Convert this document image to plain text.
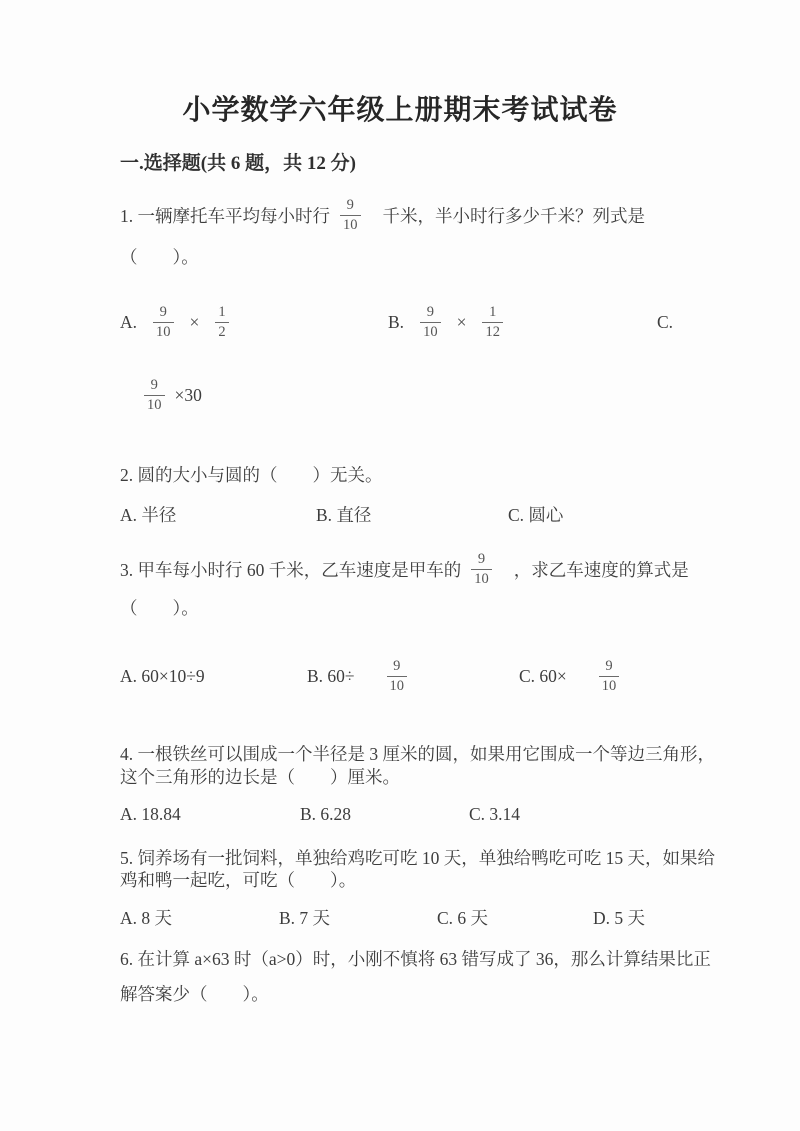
小学数学六年级上册期末考试试卷
一.选择题(共 6 题，共 12 分)
1. 一辆摩托车平均每小时行 $\frac{9}{10}$ 千米，半小时行多少千米？列式是
（　　）。
A. $\frac{9}{10} \times \frac{1}{2}$	B. $\frac{9}{10} \times \frac{1}{12}$	C.
$\frac{9}{10} \times 30$
2. 圆的大小与圆的（　　）无关。
A. 半径	B. 直径	C. 圆心
3. 甲车每小时行 60 千米，乙车速度是甲车的 $\frac{9}{10}$ ，求乙车速度的算式是
（　　）。
A. 60×10÷9	B. $60\div \frac{9}{10}$	C. $60\times \frac{9}{10}$
4. 一根铁丝可以围成一个半径是 3 厘米的圆，如果用它围成一个等边三角形，
这个三角形的边长是（　　）厘米。
A. 18.84	B. 6.28	C. 3.14
5. 饲养场有一批饲料，单独给鸡吃可吃 10 天，单独给鸭吃可吃 15 天，如果给
鸡和鸭一起吃，可吃（　　）。
A. 8 天	B. 7 天	C. 6 天	D. 5 天
6. 在计算 a×63 时（a>0）时，小刚不慎将 63 错写成了 36，那么计算结果比正
解答案少（　　）。
